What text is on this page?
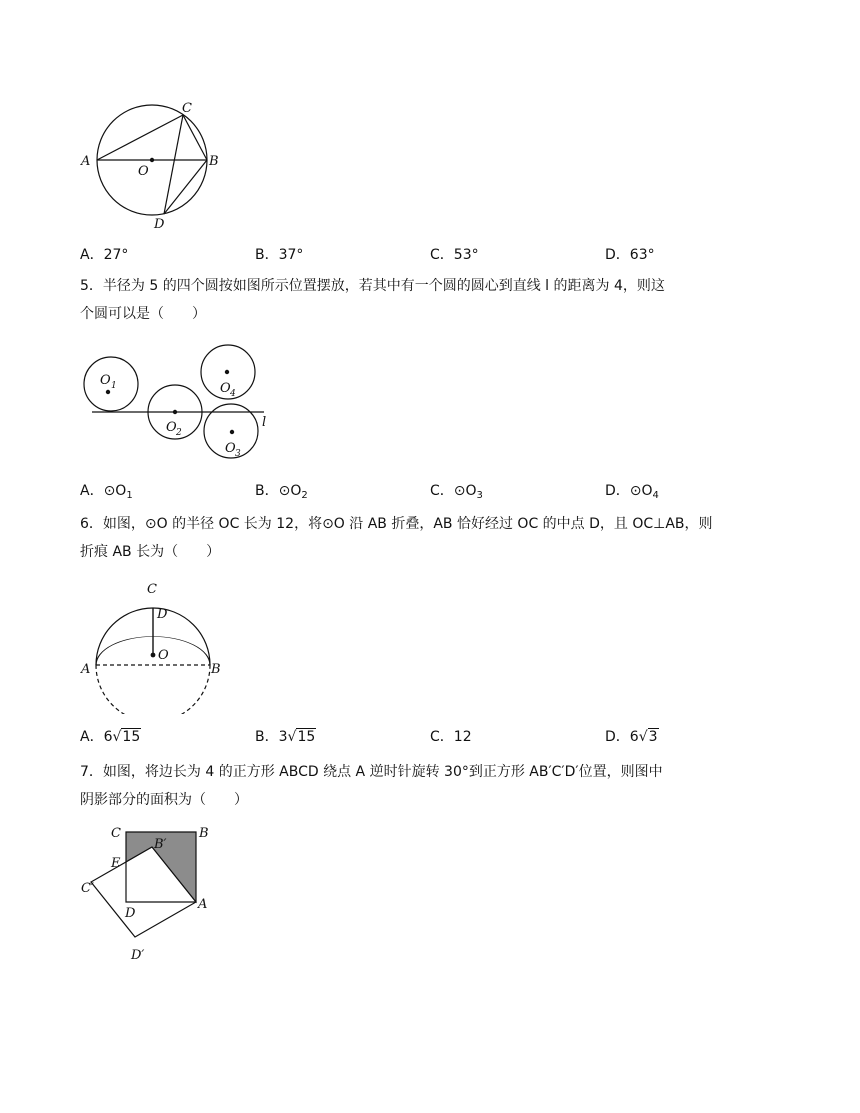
A	B
C
D
O
A．27°	B．37°	C．53°	D．63°

5．半径为 5 的四个圆按如图所示位置摆放，若其中有一个圆的圆心到直线 l 的距离为 4，则这
个圆可以是（　　）

O 1
O 2
O 3
O 4
l
A．$⊙O_1$	B．$⊙O_2$	C．$⊙O_3$	D．$⊙O_4$

6．如图，⊙O 的半径 OC 长为 12，将⊙O 沿 AB 折叠，AB 恰好经过 OC 的中点 D，且 OC⊥AB，则
折痕 AB 长为（　　）

A	B
C
D
O
A．6√15	B．3√15	C．12	D．6√3

7．如图，将边长为 4 的正方形 ABCD 绕点 A 逆时针旋转 30°到正方形 AB′C′D′位置，则图中
阴影部分的面积为（　　）

C	B
B′
E
C′
D
A
D′
